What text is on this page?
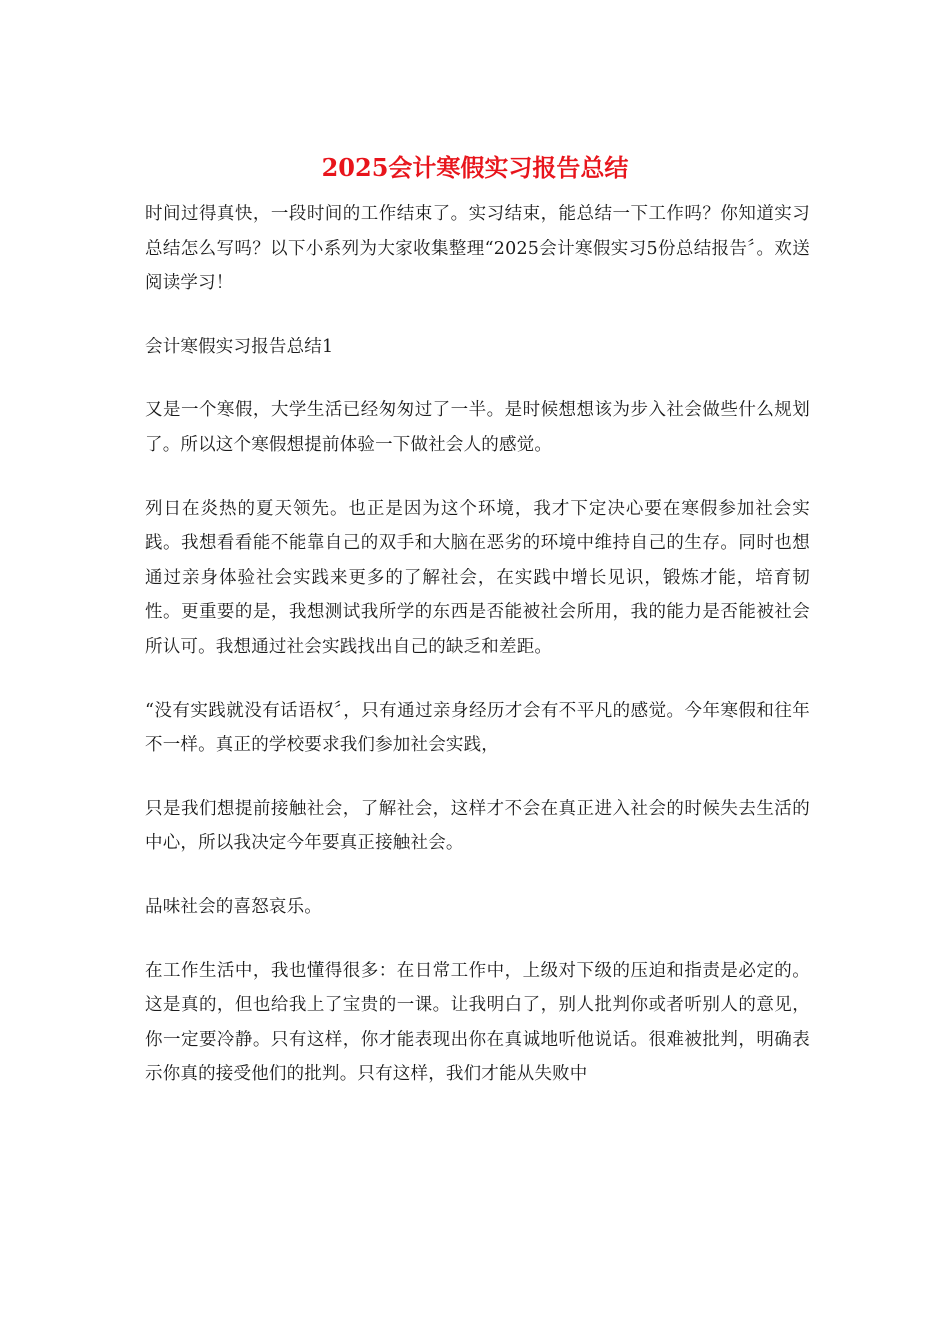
2025会计寒假实习报告总结

时间过得真快，一段时间的工作结束了。实习结束，能总结一下工作吗？你知道实习总结怎么写吗？以下小系列为大家收集整理“2025会计寒假实习5份总结报告〞。欢送阅读学习！

会计寒假实习报告总结1

又是一个寒假，大学生活已经匆匆过了一半。是时候想想该为步入社会做些什么规划了。所以这个寒假想提前体验一下做社会人的感觉。

列日在炎热的夏天领先。也正是因为这个环境，我才下定决心要在寒假参加社会实践。我想看看能不能靠自己的双手和大脑在恶劣的环境中维持自己的生存。同时也想通过亲身体验社会实践来更多的了解社会，在实践中增长见识，锻炼才能，培育韧性。更重要的是，我想测试我所学的东西是否能被社会所用，我的能力是否能被社会所认可。我想通过社会实践找出自己的缺乏和差距。

“没有实践就没有话语权〞，只有通过亲身经历才会有不平凡的感觉。今年寒假和往年不一样。真正的学校要求我们参加社会实践，

只是我们想提前接触社会，了解社会，这样才不会在真正进入社会的时候失去生活的中心，所以我决定今年要真正接触社会。

品味社会的喜怒哀乐。

在工作生活中，我也懂得很多：在日常工作中，上级对下级的压迫和指责是必定的。这是真的，但也给我上了宝贵的一课。让我明白了，别人批判你或者听别人的意见，你一定要冷静。只有这样，你才能表现出你在真诚地听他说话。很难被批判，明确表示你真的接受他们的批判。只有这样，我们才能从失败中
